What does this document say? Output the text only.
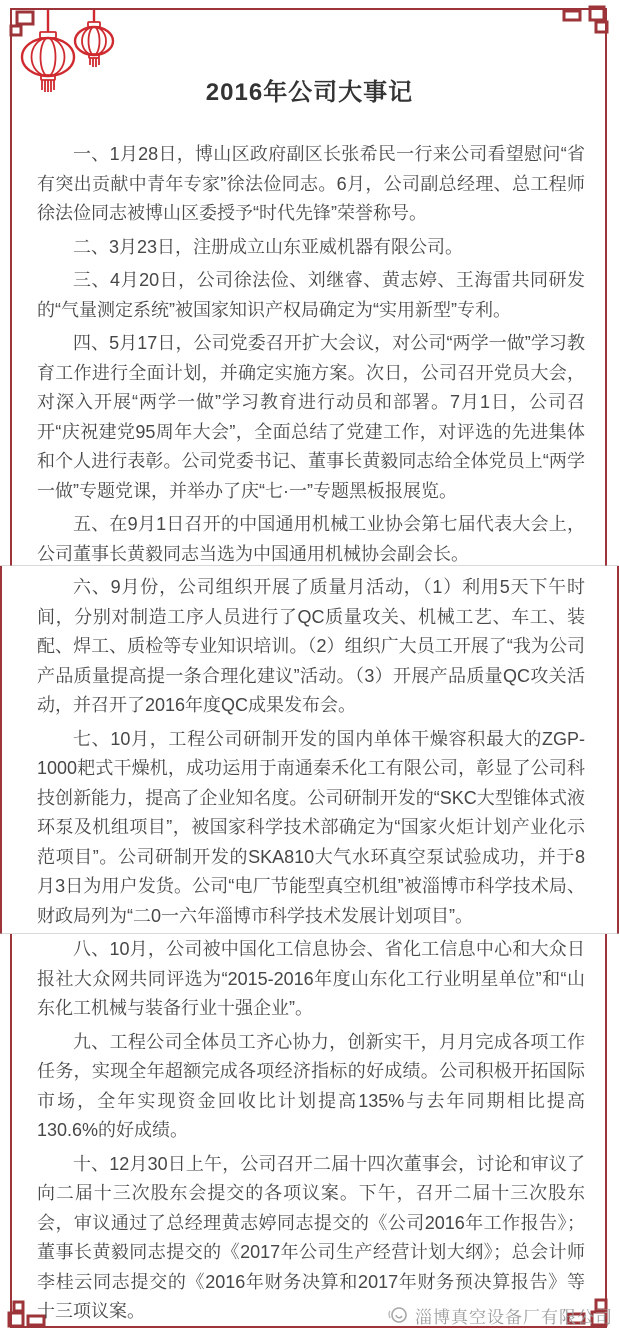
2016年公司大事记

一、1月28日，博山区政府副区长张希民一行来公司看望慰问“省有突出贡献中青年专家”徐法俭同志。6月，公司副总经理、总工程师徐法俭同志被博山区委授予“时代先锋”荣誉称号。

二、3月23日，注册成立山东亚威机器有限公司。

三、4月20日，公司徐法俭、刘继睿、黄志婷、王海雷共同研发的“气量测定系统”被国家知识产权局确定为“实用新型”专利。

四、5月17日，公司党委召开扩大会议，对公司“两学一做”学习教育工作进行全面计划，并确定实施方案。次日，公司召开党员大会，对深入开展“两学一做”学习教育进行动员和部署。7月1日，公司召开“庆祝建党95周年大会”，全面总结了党建工作，对评选的先进集体和个人进行表彰。公司党委书记、董事长黄毅同志给全体党员上“两学一做”专题党课，并举办了庆“七·一”专题黑板报展览。

五、在9月1日召开的中国通用机械工业协会第七届代表大会上，公司董事长黄毅同志当选为中国通用机械协会副会长。

六、9月份，公司组织开展了质量月活动，（1）利用5天下午时间，分别对制造工序人员进行了QC质量攻关、机械工艺、车工、装配、焊工、质检等专业知识培训。（2）组织广大员工开展了“我为公司产品质量提高提一条合理化建议”活动。（3）开展产品质量QC攻关活动，并召开了2016年度QC成果发布会。

七、10月，工程公司研制开发的国内单体干燥容积最大的ZGP-1000耙式干燥机，成功运用于南通秦禾化工有限公司，彰显了公司科技创新能力，提高了企业知名度。公司研制开发的“SKC大型锥体式液环泵及机组项目”，被国家科学技术部确定为“国家火炬计划产业化示范项目”。公司研制开发的SKA810大气水环真空泵试验成功，并于8月3日为用户发货。公司“电厂节能型真空机组”被淄博市科学技术局、财政局列为“二0一六年淄博市科学技术发展计划项目”。

八、10月，公司被中国化工信息协会、省化工信息中心和大众日报社大众网共同评选为“2015-2016年度山东化工行业明星单位”和“山东化工机械与装备行业十强企业”。

九、工程公司全体员工齐心协力，创新实干，月月完成各项工作任务，实现全年超额完成各项经济指标的好成绩。公司积极开拓国际市场，全年实现资金回收比计划提高135%与去年同期相比提高130.6%的好成绩。

十、12月30日上午，公司召开二届十四次董事会，讨论和审议了向二届十三次股东会提交的各项议案。下午，召开二届十三次股东会，审议通过了总经理黄志婷同志提交的《公司2016年工作报告》；董事长黄毅同志提交的《2017年公司生产经营计划大纲》；总会计师李桂云同志提交的《2016年财务决算和2017年财务预决算报告》等十三项议案。	淄博真空设备厂有限公司
